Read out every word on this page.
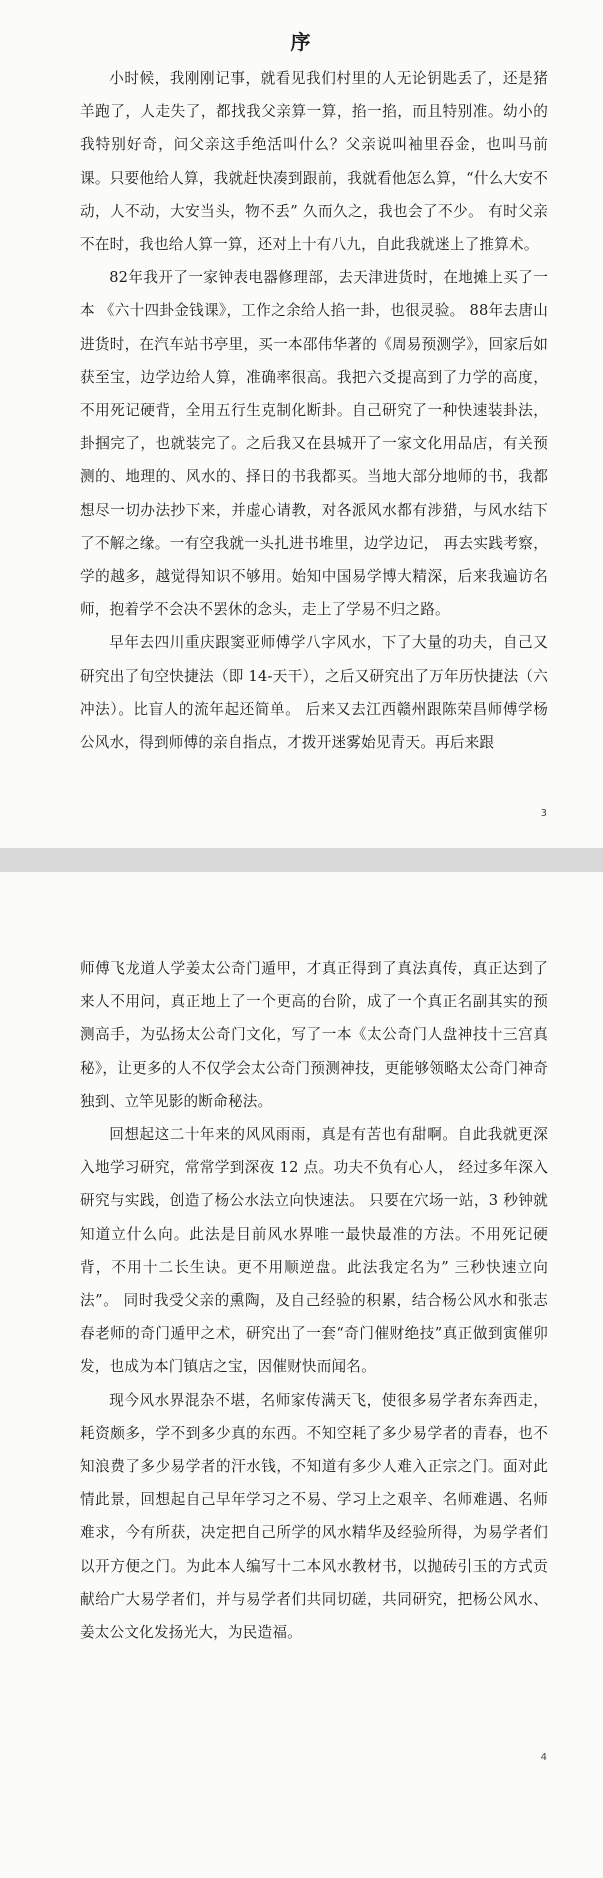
序

小时候，我刚刚记事，就看见我们村里的人无论钥匙丢了，还是猪羊跑了，人走失了，都找我父亲算一算，掐一掐，而且特别准。幼小的我特别好奇，问父亲这手绝活叫什么？父亲说叫袖里吞金，也叫马前课。只要他给人算，我就赶快凑到跟前，我就看他怎么算，“什么大安不动，人不动，大安当头，物不丢” 久而久之，我也会了不少。 有时父亲不在时，我也给人算一算，还对上十有八九，自此我就迷上了推算术。

82年我开了一家钟表电器修理部，去天津进货时，在地摊上买了一本 《六十四卦金钱课》，工作之余给人掐一卦，也很灵验。 88年去唐山进货时，在汽车站书亭里，买一本邵伟华著的《周易预测学》，回家后如获至宝，边学边给人算，准确率很高。我把六爻提高到了力学的高度，不用死记硬背，全用五行生克制化断卦。自己研究了一种快速装卦法，卦掴完了，也就装完了。之后我又在县城开了一家文化用品店，有关预测的、地理的、风水的、择日的书我都买。当地大部分地师的书，我都想尽一切办法抄下来，并虚心请教，对各派风水都有涉猎，与风水结下了不解之缘。一有空我就一头扎进书堆里，边学边记， 再去实践考察，学的越多，越觉得知识不够用。始知中国易学博大精深，后来我遍访名师，抱着学不会决不罢休的念头，走上了学易不归之路。

早年去四川重庆跟窦亚师傅学八字风水，下了大量的功夫，自己又研究出了旬空快捷法（即 14-天干），之后又研究出了万年历快捷法（六冲法）。比盲人的流年起还简单。 后来又去江西赣州跟陈荣昌师傅学杨公风水，得到师傅的亲自指点，才拨开迷雾始见青天。再后来跟

3

师傅飞龙道人学姜太公奇门遁甲，才真正得到了真法真传，真正达到了来人不用问，真正地上了一个更高的台阶，成了一个真正名副其实的预测高手，为弘扬太公奇门文化，写了一本《太公奇门人盘神技十三宫真秘》，让更多的人不仅学会太公奇门预测神技，更能够领略太公奇门神奇独到、立竿见影的断命秘法。

回想起这二十年来的风风雨雨，真是有苦也有甜啊。自此我就更深入地学习研究，常常学到深夜 12 点。功夫不负有心人， 经过多年深入研究与实践，创造了杨公水法立向快速法。 只要在穴场一站，3 秒钟就知道立什么向。此法是目前风水界唯一最快最准的方法。不用死记硬背，不用十二长生诀。更不用顺逆盘。此法我定名为” 三秒快速立向法”。 同时我受父亲的熏陶，及自己经验的积累，结合杨公风水和张志春老师的奇门遁甲之术，研究出了一套“奇门催财绝技”真正做到寅催卯发，也成为本门镇店之宝，因催财快而闻名。

现今风水界混杂不堪，名师家传满天飞，使很多易学者东奔西走，耗资颇多，学不到多少真的东西。不知空耗了多少易学者的青春，也不知浪费了多少易学者的汗水钱，不知道有多少人难入正宗之门。面对此情此景，回想起自己早年学习之不易、学习上之艰辛、名师难遇、名师难求，今有所获，决定把自己所学的风水精华及经验所得，为易学者们以开方便之门。为此本人编写十二本风水教材书，以抛砖引玉的方式贡献给广大易学者们，并与易学者们共同切磋，共同研究，把杨公风水、姜太公文化发扬光大，为民造福。

4
